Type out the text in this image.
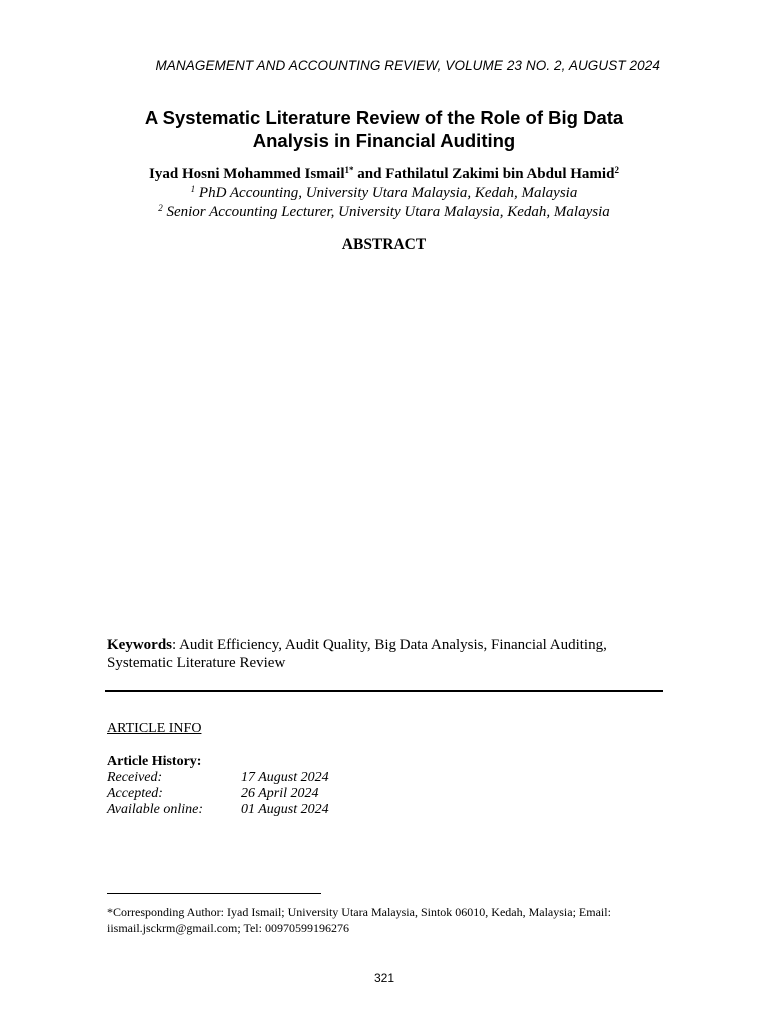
MANAGEMENT AND ACCOUNTING REVIEW, VOLUME 23 NO. 2, AUGUST 2024
A Systematic Literature Review of the Role of Big Data
Analysis in Financial Auditing
Iyad Hosni Mohammed Ismail$^{1*}$ and Fathilatul Zakimi bin Abdul Hamid$^2$
$^1$ PhD Accounting, University Utara Malaysia, Kedah, Malaysia
$^2$ Senior Accounting Lecturer, University Utara Malaysia, Kedah, Malaysia
ABSTRACT
Keywords: Audit Efficiency, Audit Quality, Big Data Analysis, Financial Auditing, Systematic Literature Review
ARTICLE INFO
Article History:
Received:	17 August 2024
Accepted:	26 April 2024
Available online:	01 August 2024
*Corresponding Author: Iyad Ismail; University Utara Malaysia, Sintok 06010, Kedah, Malaysia; Email: iismail.jsckrm@gmail.com; Tel: 00970599196276
321
